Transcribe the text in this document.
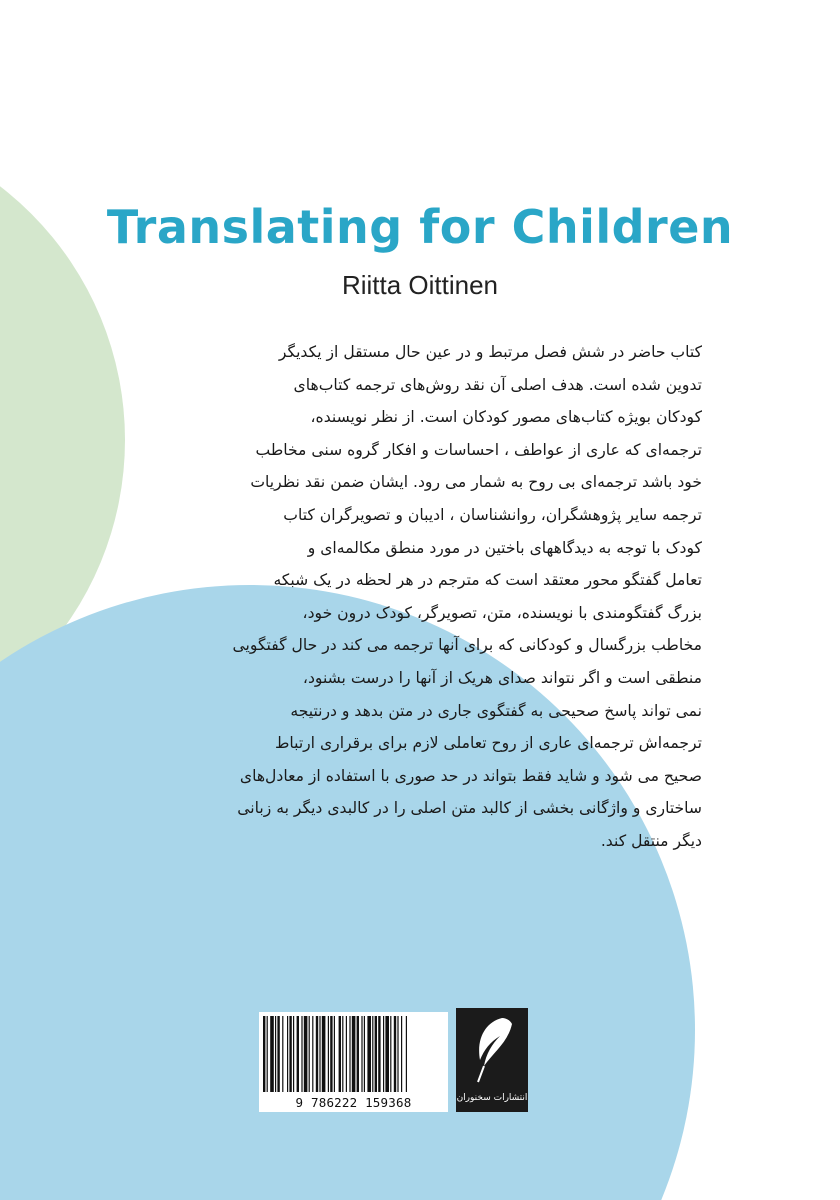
Translating for Children
Riitta Oittinen
کتاب حاضر در شش فصل مرتبط و در عین حال مستقل از یکدیگر
تدوین شده است. هدف اصلی آن نقد روش‌های ترجمه کتاب‌های
کودکان بویژه کتاب‌های مصور کودکان است. از نظر نویسنده،
ترجمه‌ای که عاری از عواطف ، احساسات و افکار گروه سنی مخاطب
خود باشد ترجمه‌ای بی روح به شمار می رود. ایشان ضمن نقد نظریات
ترجمه سایر پژوهشگران، روانشناسان ، ادیبان و تصویرگران کتاب
کودک با توجه به دیدگاههای باختین در مورد منطق مکالمه‌ای و
تعامل گفتگو محور معتقد است که مترجم در هر لحظه در یک شبکه
بزرگ گفتگومندی با نویسنده، متن، تصویرگر، کودک درون خود،
مخاطب بزرگسال و کودکانی که برای آنها ترجمه می کند در حال گفتگویی
منطقی است و اگر نتواند صدای هریک از آنها را درست بشنود،
نمی تواند پاسخ صحیحی به گفتگوی جاری در متن بدهد و درنتیجه
ترجمه‌اش ترجمه‌ای عاری از روح تعاملی لازم برای برقراری ارتباط
صحیح می شود و شاید فقط بتواند در حد صوری با استفاده از معادل‌های
ساختاری و واژگانی بخشی از کالبد متن اصلی را در کالبدی دیگر به زبانی
دیگر منتقل کند.
9 786222 159368	انتشارات سخنوران
